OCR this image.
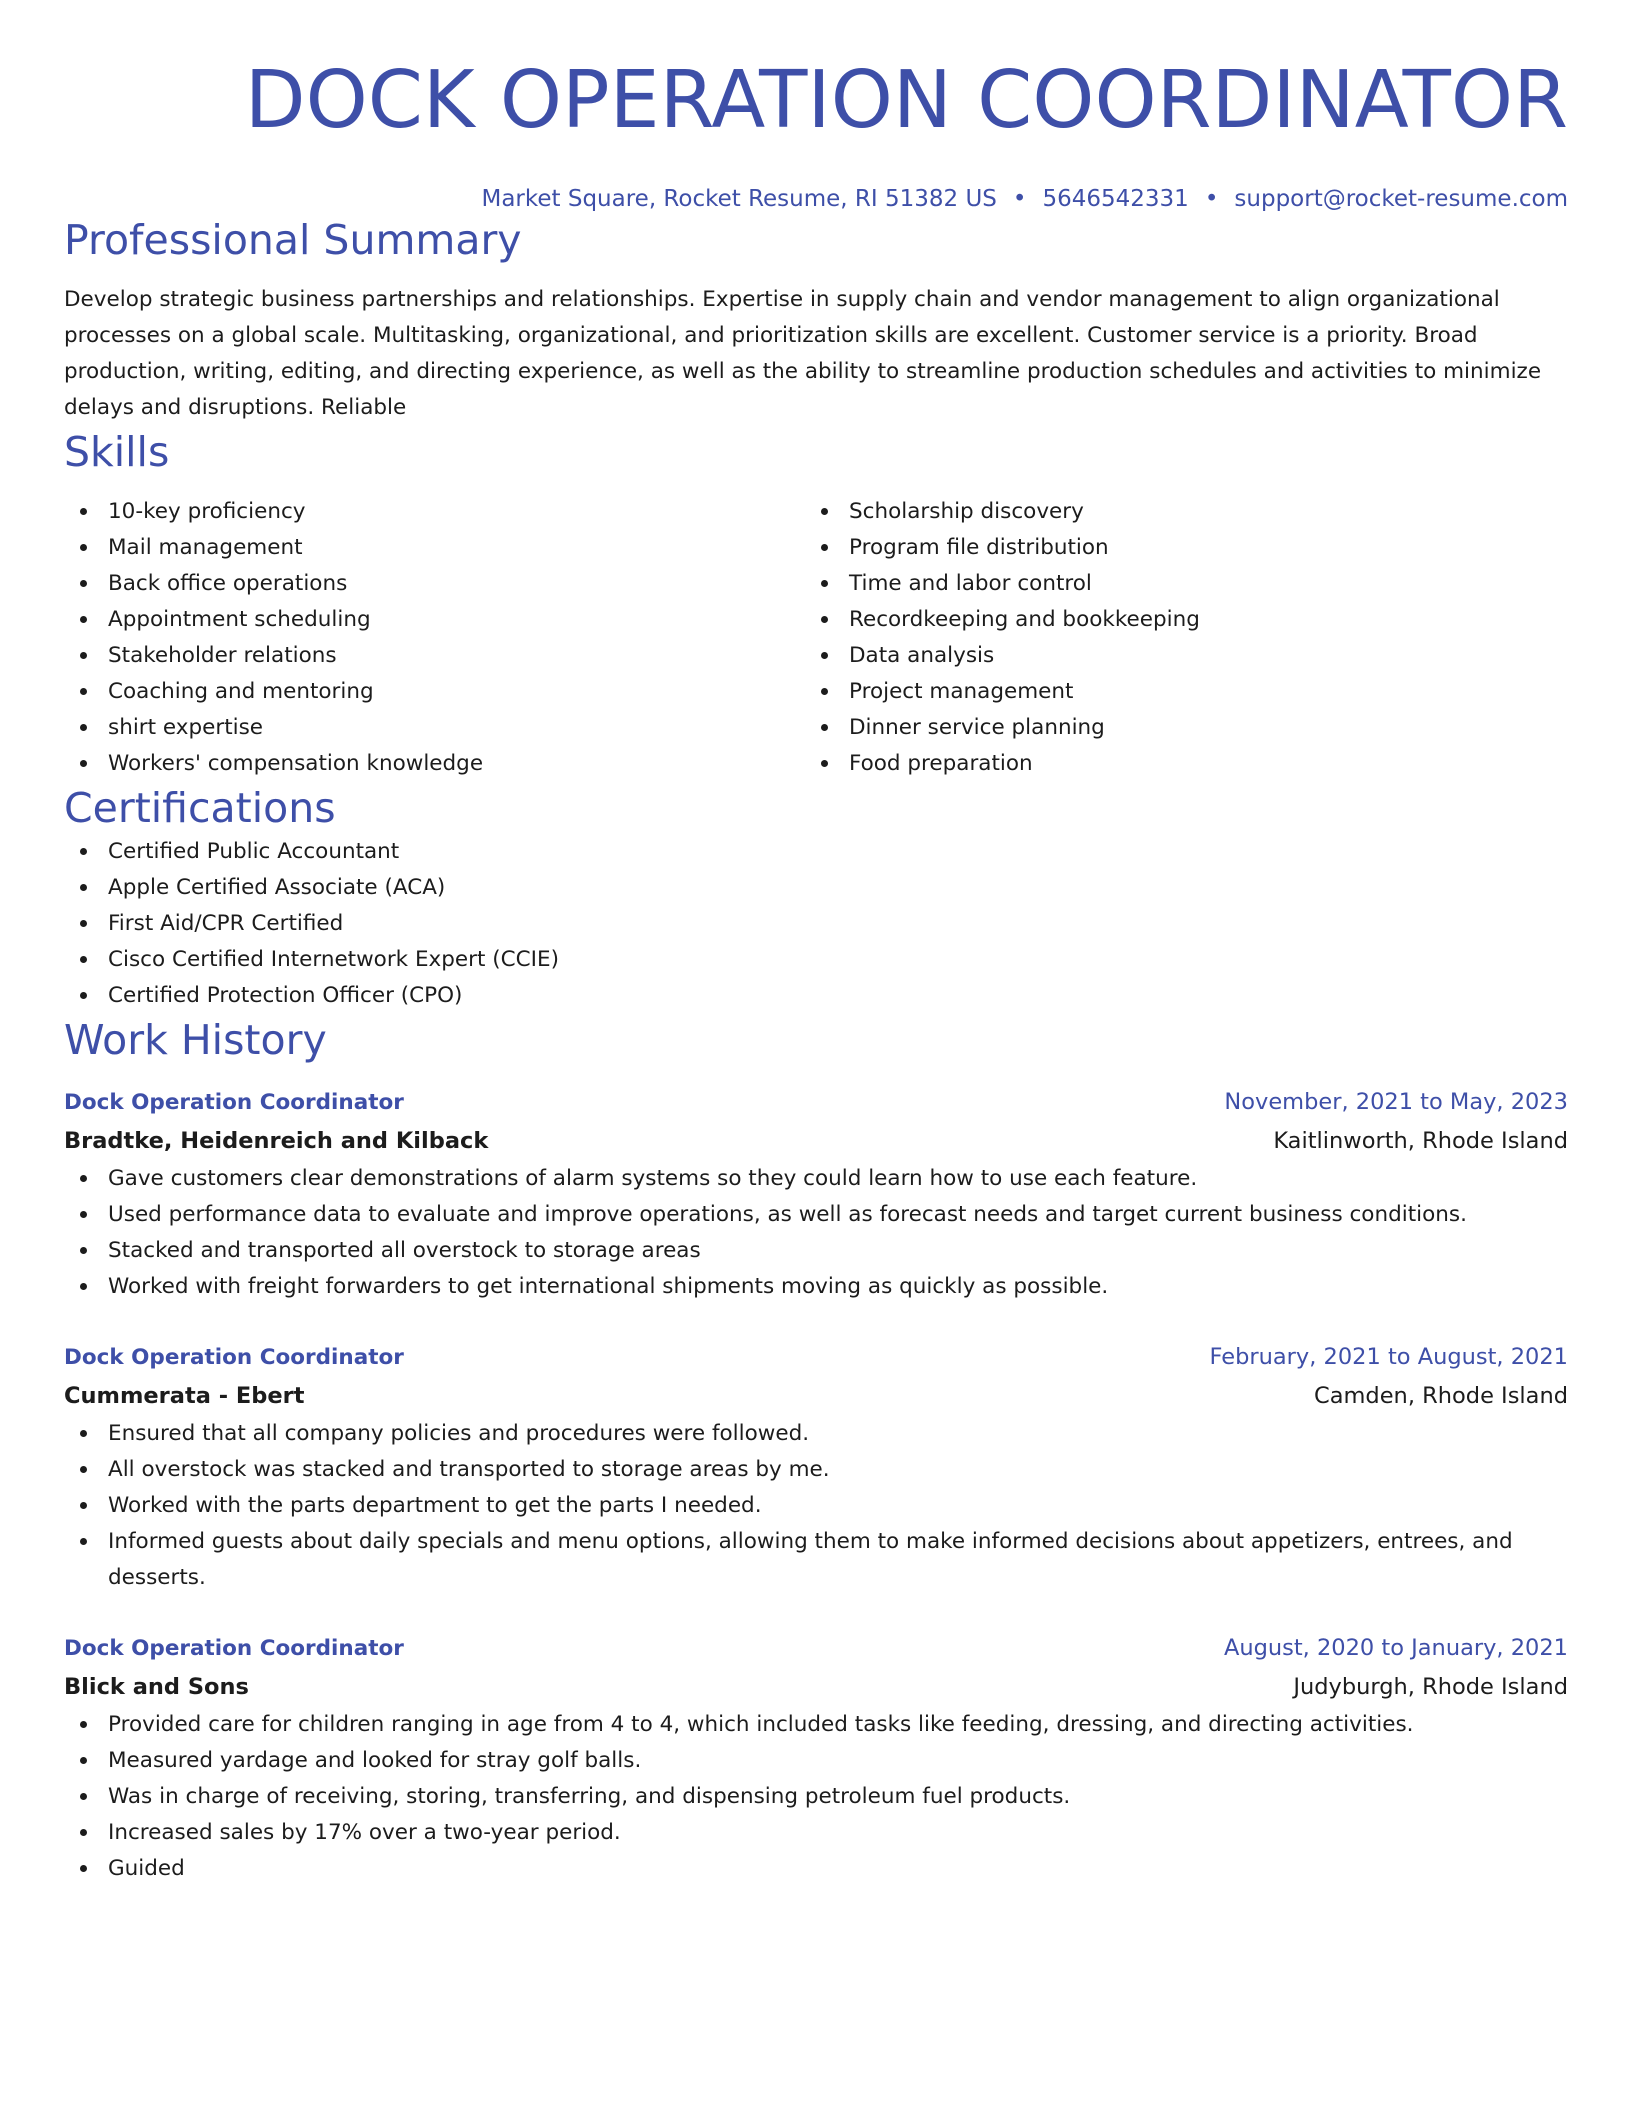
DOCK OPERATION COORDINATOR
Market Square, Rocket Resume, RI 51382 US • 5646542331 • support@rocket-resume.com
Professional Summary

Develop strategic business partnerships and relationships. Expertise in supply chain and vendor management to align organizational processes on a global scale. Multitasking, organizational, and prioritization skills are excellent. Customer service is a priority. Broad production, writing, editing, and directing experience, as well as the ability to streamline production schedules and activities to minimize delays and disruptions. Reliable

Skills
10-key proficiency
Mail management
Back office operations
Appointment scheduling
Stakeholder relations
Coaching and mentoring
shirt expertise
Workers' compensation knowledge
Scholarship discovery
Program file distribution
Time and labor control
Recordkeeping and bookkeeping
Data analysis
Project management
Dinner service planning
Food preparation
Certifications
Certified Public Accountant
Apple Certified Associate (ACA)
First Aid/CPR Certified
Cisco Certified Internetwork Expert (CCIE)
Certified Protection Officer (CPO)
Work History
Dock Operation Coordinator	November, 2021 to May, 2023
Bradtke, Heidenreich and Kilback	Kaitlinworth, Rhode Island
Gave customers clear demonstrations of alarm systems so they could learn how to use each feature.
Used performance data to evaluate and improve operations, as well as forecast needs and target current business conditions.
Stacked and transported all overstock to storage areas
Worked with freight forwarders to get international shipments moving as quickly as possible.
Dock Operation Coordinator	February, 2021 to August, 2021
Cummerata - Ebert	Camden, Rhode Island
Ensured that all company policies and procedures were followed.
All overstock was stacked and transported to storage areas by me.
Worked with the parts department to get the parts I needed.
Informed guests about daily specials and menu options, allowing them to make informed decisions about appetizers, entrees, and desserts.
Dock Operation Coordinator	August, 2020 to January, 2021
Blick and Sons	Judyburgh, Rhode Island
Provided care for children ranging in age from 4 to 4, which included tasks like feeding, dressing, and directing activities.
Measured yardage and looked for stray golf balls.
Was in charge of receiving, storing, transferring, and dispensing petroleum fuel products.
Increased sales by 17% over a two-year period.
Guided
